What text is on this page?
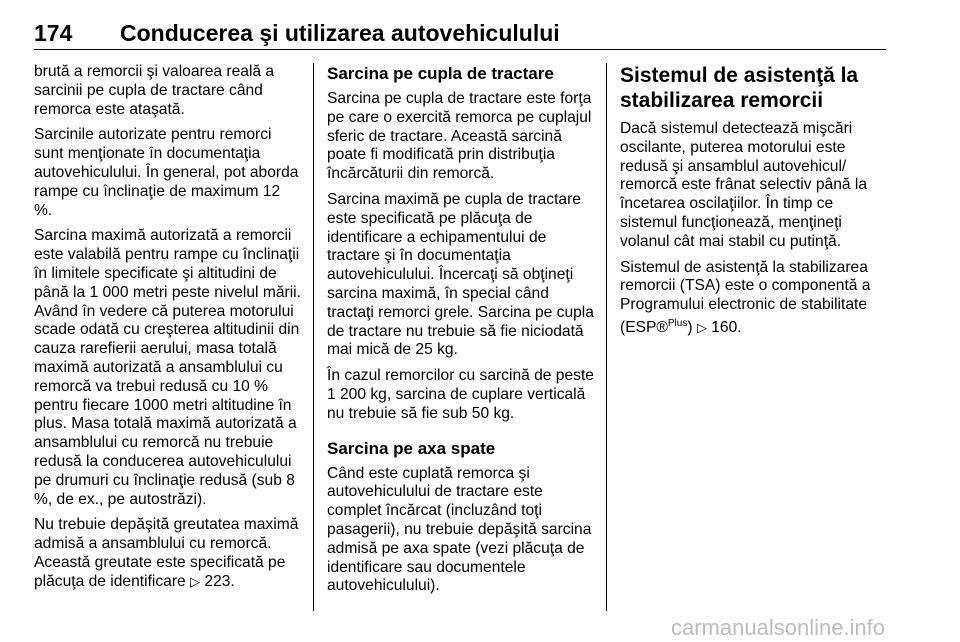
174 Conducerea şi utilizarea autovehiculului

brută a remorcii şi valoarea reală a sarcinii pe cupla de tractare când remorca este ataşată.

Sarcinile autorizate pentru remorci sunt menţionate în documentaţia autovehiculului. În general, pot aborda rampe cu înclinaţie de maximum 12 %.

Sarcina maximă autorizată a remorcii este valabilă pentru rampe cu înclinaţii în limitele specificate şi altitudini de până la 1 000 metri peste nivelul mării. Având în vedere că puterea motorului scade odată cu creşterea altitudinii din cauza rarefierii aerului, masa totală maximă autorizată a ansamblului cu remorcă va trebui redusă cu 10 % pentru fiecare 1000 metri altitudine în plus. Masa totală maximă autorizată a ansamblului cu remorcă nu trebuie redusă la conducerea autovehiculului pe drumuri cu înclinaţie redusă (sub 8 %, de ex., pe autostrăzi).

Nu trebuie depăşită greutatea maximă admisă a ansamblului cu remorcă. Această greutate este specificată pe plăcuţa de identificare ▷ 223.

Sarcina pe cupla de tractare

Sarcina pe cupla de tractare este forţa pe care o exercită remorca pe cuplajul sferic de tractare. Această sarcină poate fi modificată prin distribuţia încărcăturii din remorcă.

Sarcina maximă pe cupla de tractare este specificată pe plăcuţa de identificare a echipamentului de tractare şi în documentaţia autovehiculului. Încercaţi să obţineţi sarcina maximă, în special când tractaţi remorci grele. Sarcina pe cupla de tractare nu trebuie să fie niciodată mai mică de 25 kg.

În cazul remorcilor cu sarcină de peste 1 200 kg, sarcina de cuplare verticală nu trebuie să fie sub 50 kg.

Sarcina pe axa spate

Când este cuplată remorca şi autovehiculului de tractare este complet încărcat (incluzând toţi pasagerii), nu trebuie depăşită sarcina admisă pe axa spate (vezi plăcuţa de identificare sau documentele autovehiculului).

Sistemul de asistenţă la stabilizarea remorcii

Dacă sistemul detectează mişcări oscilante, puterea motorului este redusă şi ansamblul autovehicul/ remorcă este frânat selectiv până la încetarea oscilaţiilor. În timp ce sistemul funcţionează, menţineţi volanul cât mai stabil cu putinţă.

Sistemul de asistenţă la stabilizarea remorcii (TSA) este o componentă a Programului electronic de stabilitate (ESP®$^{Plus}$) ▷ 160.

carmanualsonline.info
